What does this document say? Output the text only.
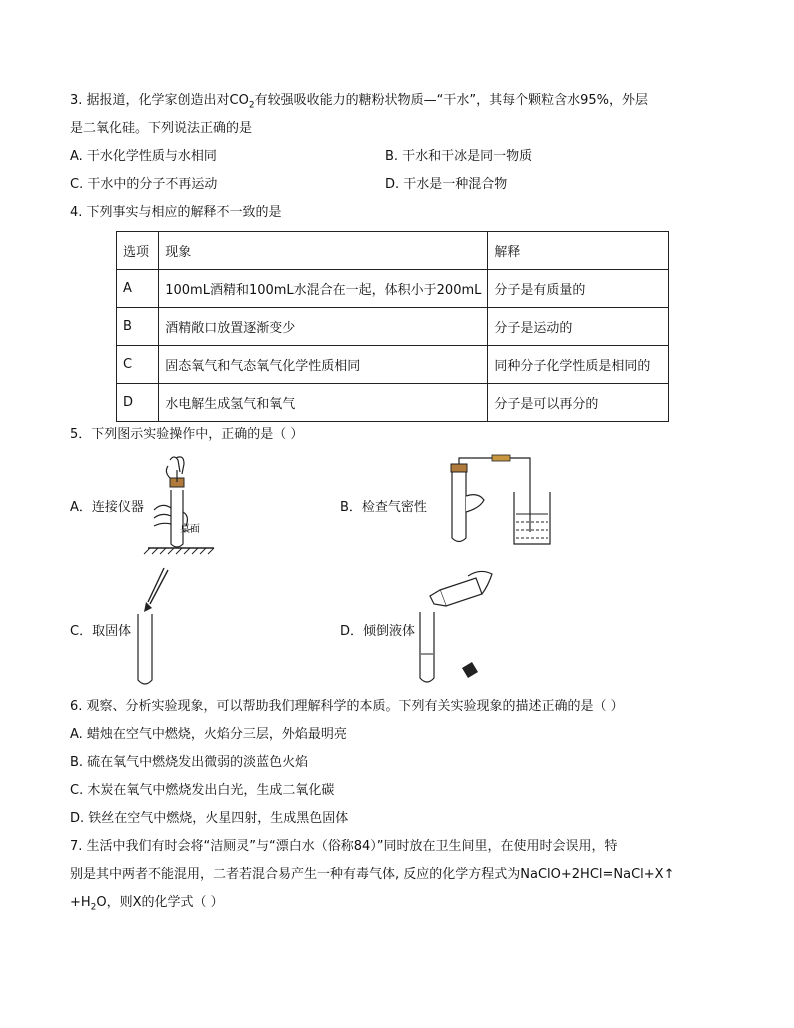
3. 据报道，化学家创造出对$CO_2$有较强吸收能力的糖粉状物质—“干水”，其每个颗粒含水95%，外层
是二氧化硅。下列说法正确的是
A. 干水化学性质与水相同	B. 干水和干冰是同一物质
C. 干水中的分子不再运动	D. 干水是一种混合物
4. 下列事实与相应的解释不一致的是
选项	现象	解释
A	100mL酒精和100mL水混合在一起，体积小于200mL	分子是有质量的
B	酒精敞口放置逐渐变少	分子是运动的
C	固态氧气和气态氧气化学性质相同	同种分子化学性质是相同的
D	水电解生成氢气和氧气	分子是可以再分的
5．下列图示实验操作中，正确的是（ ）
A．连接仪器
桌面
B．检查气密性
C．取固体	D．倾倒液体
6. 观察、分析实验现象，可以帮助我们理解科学的本质。下列有关实验现象的描述正确的是（ ）
A. 蜡烛在空气中燃烧，火焰分三层，外焰最明亮
B. 硫在氧气中燃烧发出微弱的淡蓝色火焰
C. 木炭在氧气中燃烧发出白光，生成二氧化碳
D. 铁丝在空气中燃烧，火星四射，生成黑色固体
7. 生活中我们有时会将“洁厕灵”与“漂白水（俗称84）”同时放在卫生间里，在使用时会误用，特
别是其中两者不能混用，二者若混合易产生一种有毒气体, 反应的化学方程式为NaClO+2HCl=NaCl+X↑
$+H_2O$，则X的化学式（ ）
